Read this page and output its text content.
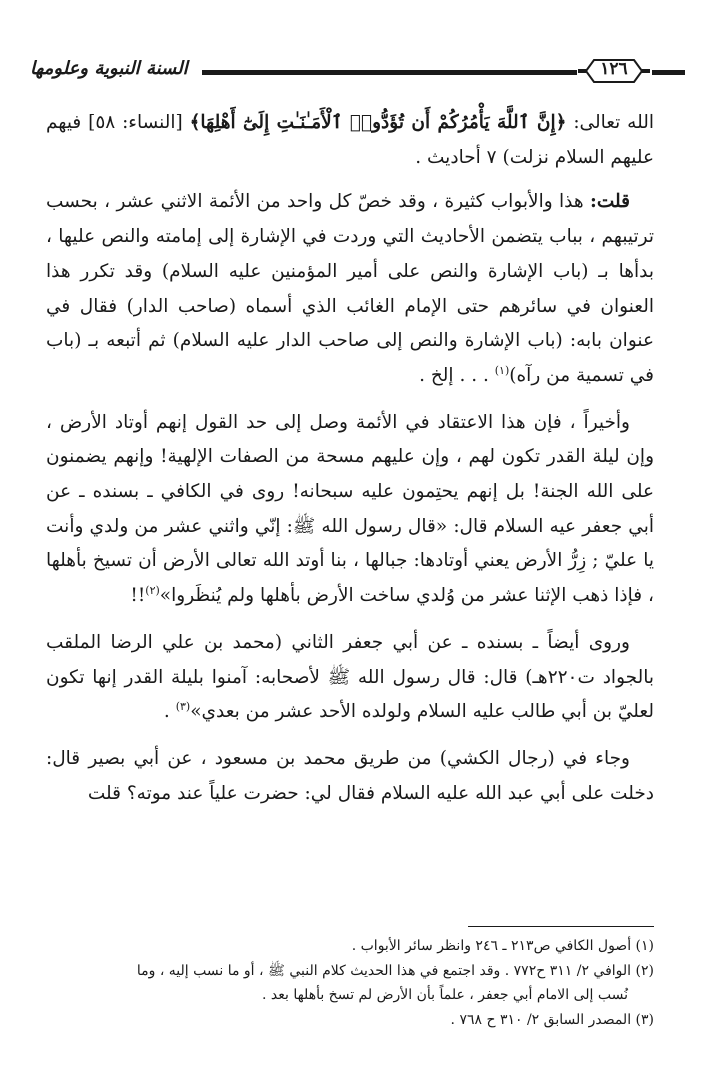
السنة النبوية وعلومها	١٢٦

الله تعالى: ﴿إِنَّ ٱللَّهَ يَأْمُرُكُمْ أَن تُؤَدُّوا۟ ٱلْأَمَـٰنَـٰتِ إِلَىٰٓ أَهْلِهَا﴾ [النساء: ٥٨] فيهم عليهم السلام نزلت) ٧ أحاديث .

قلت: هذا والأبواب كثيرة ، وقد خصّ كل واحد من الأئمة الاثني عشر ، بحسب ترتيبهم ، بباب يتضمن الأحاديث التي وردت في الإشارة إلى إمامته والنص عليها ، بدأها بـ (باب الإشارة والنص على أمير المؤمنين عليه السلام) وقد تكرر هذا العنوان في سائرهم حتى الإمام الغائب الذي أسماه (صاحب الدار) فقال في عنوان بابه: (باب الإشارة والنص إلى صاحب الدار عليه السلام) ثم أتبعه بـ (باب في تسمية من رآه)$^{(١)}$ . . . إلخ .

وأخيراً ، فإن هذا الاعتقاد في الأئمة وصل إلى حد القول إنهم أوتاد الأرض ، وإن ليلة القدر تكون لهم ، وإن عليهم مسحة من الصفات الإلهية! وإنهم يضمنون على الله الجنة! بل إنهم يحتِمون عليه سبحانه! روى في الكافي ـ بسنده ـ عن أبي جعفر عيه السلام قال: «قال رسول الله ﷺ: إنّي واثني عشر من ولدي وأنت يا عليّ ; زِرُّ الأرض يعني أوتادها: جبالها ، بنا أوتد الله تعالى الأرض أن تسيخ بأهلها ، فإذا ذهب الإثنا عشر من وُلدي ساخت الأرض بأهلها ولم يُنظَروا»$^{(٢)}$!!

وروى أيضاً ـ بسنده ـ عن أبي جعفر الثاني (محمد بن علي الرضا الملقب بالجواد ت٢٢٠هـ) قال: قال رسول الله ﷺ لأصحابه: آمنوا بليلة القدر إنها تكون لعليّ بن أبي طالب عليه السلام ولولده الأحد عشر من بعدي»$^{(٣)}$ .

وجاء في (رجال الكشي) من طريق محمد بن مسعود ، عن أبي بصير قال: دخلت على أبي عبد الله عليه السلام فقال لي: حضرت علياً عند موته؟ قلت

(١) أصول الكافي ص٢١٣ ـ ٢٤٦ وانظر سائر الأبواب .
(٢) الوافي ٢/ ٣١١ ح٧٧٢ . وقد اجتمع في هذا الحديث كلام النبي ﷺ ، أو ما نسب إليه ، وما
نُسب إلى الامام أبي جعفر ، علماً بأن الأرض لم تسخ بأهلها بعد .
(٣) المصدر السابق ٢/ ٣١٠ ح ٧٦٨ .
